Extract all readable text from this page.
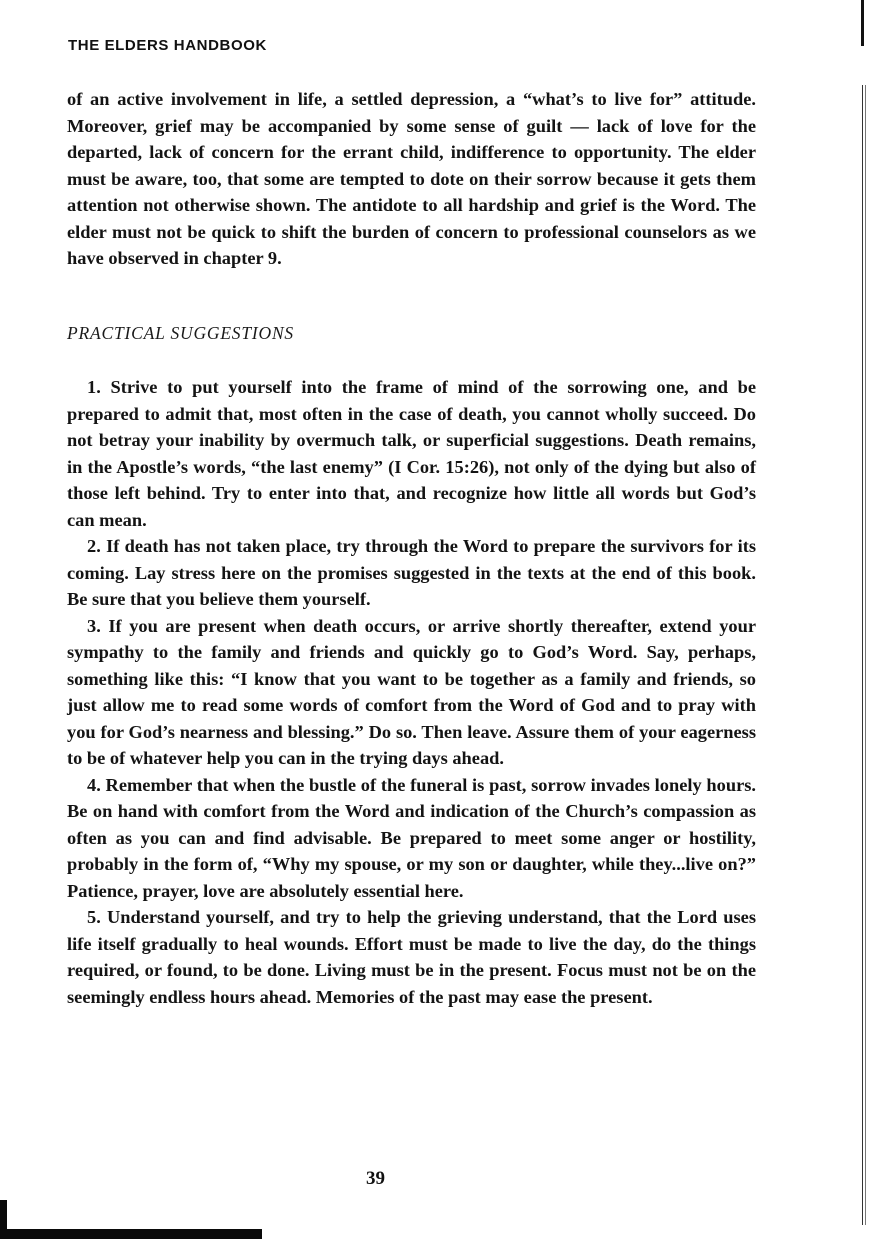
THE ELDERS HANDBOOK

of an active involvement in life, a settled depression, a “what’s to live for” attitude. Moreover, grief may be accompanied by some sense of guilt — lack of love for the departed, lack of concern for the errant child, indifference to opportunity. The elder must be aware, too, that some are tempted to dote on their sorrow because it gets them attention not otherwise shown. The antidote to all hardship and grief is the Word. The elder must not be quick to shift the burden of concern to professional counselors as we have observed in chapter 9.

PRACTICAL SUGGESTIONS

1. Strive to put yourself into the frame of mind of the sorrowing one, and be prepared to admit that, most often in the case of death, you cannot wholly succeed. Do not betray your inability by overmuch talk, or superficial suggestions. Death remains, in the Apostle’s words, “the last enemy” (I Cor. 15:26), not only of the dying but also of those left behind. Try to enter into that, and recognize how little all words but God’s can mean.

2. If death has not taken place, try through the Word to prepare the survivors for its coming. Lay stress here on the promises suggested in the texts at the end of this book. Be sure that you believe them yourself.

3. If you are present when death occurs, or arrive shortly thereafter, extend your sympathy to the family and friends and quickly go to God’s Word. Say, perhaps, something like this: “I know that you want to be together as a family and friends, so just allow me to read some words of comfort from the Word of God and to pray with you for God’s nearness and blessing.” Do so. Then leave. Assure them of your eagerness to be of whatever help you can in the trying days ahead.

4. Remember that when the bustle of the funeral is past, sorrow invades lonely hours. Be on hand with comfort from the Word and indication of the Church’s compassion as often as you can and find advisable. Be prepared to meet some anger or hostility, probably in the form of, “Why my spouse, or my son or daughter, while they...live on?” Patience, prayer, love are absolutely essential here.

5. Understand yourself, and try to help the grieving understand, that the Lord uses life itself gradually to heal wounds. Effort must be made to live the day, do the things required, or found, to be done. Living must be in the present. Focus must not be on the seemingly endless hours ahead. Memories of the past may ease the present.

39
